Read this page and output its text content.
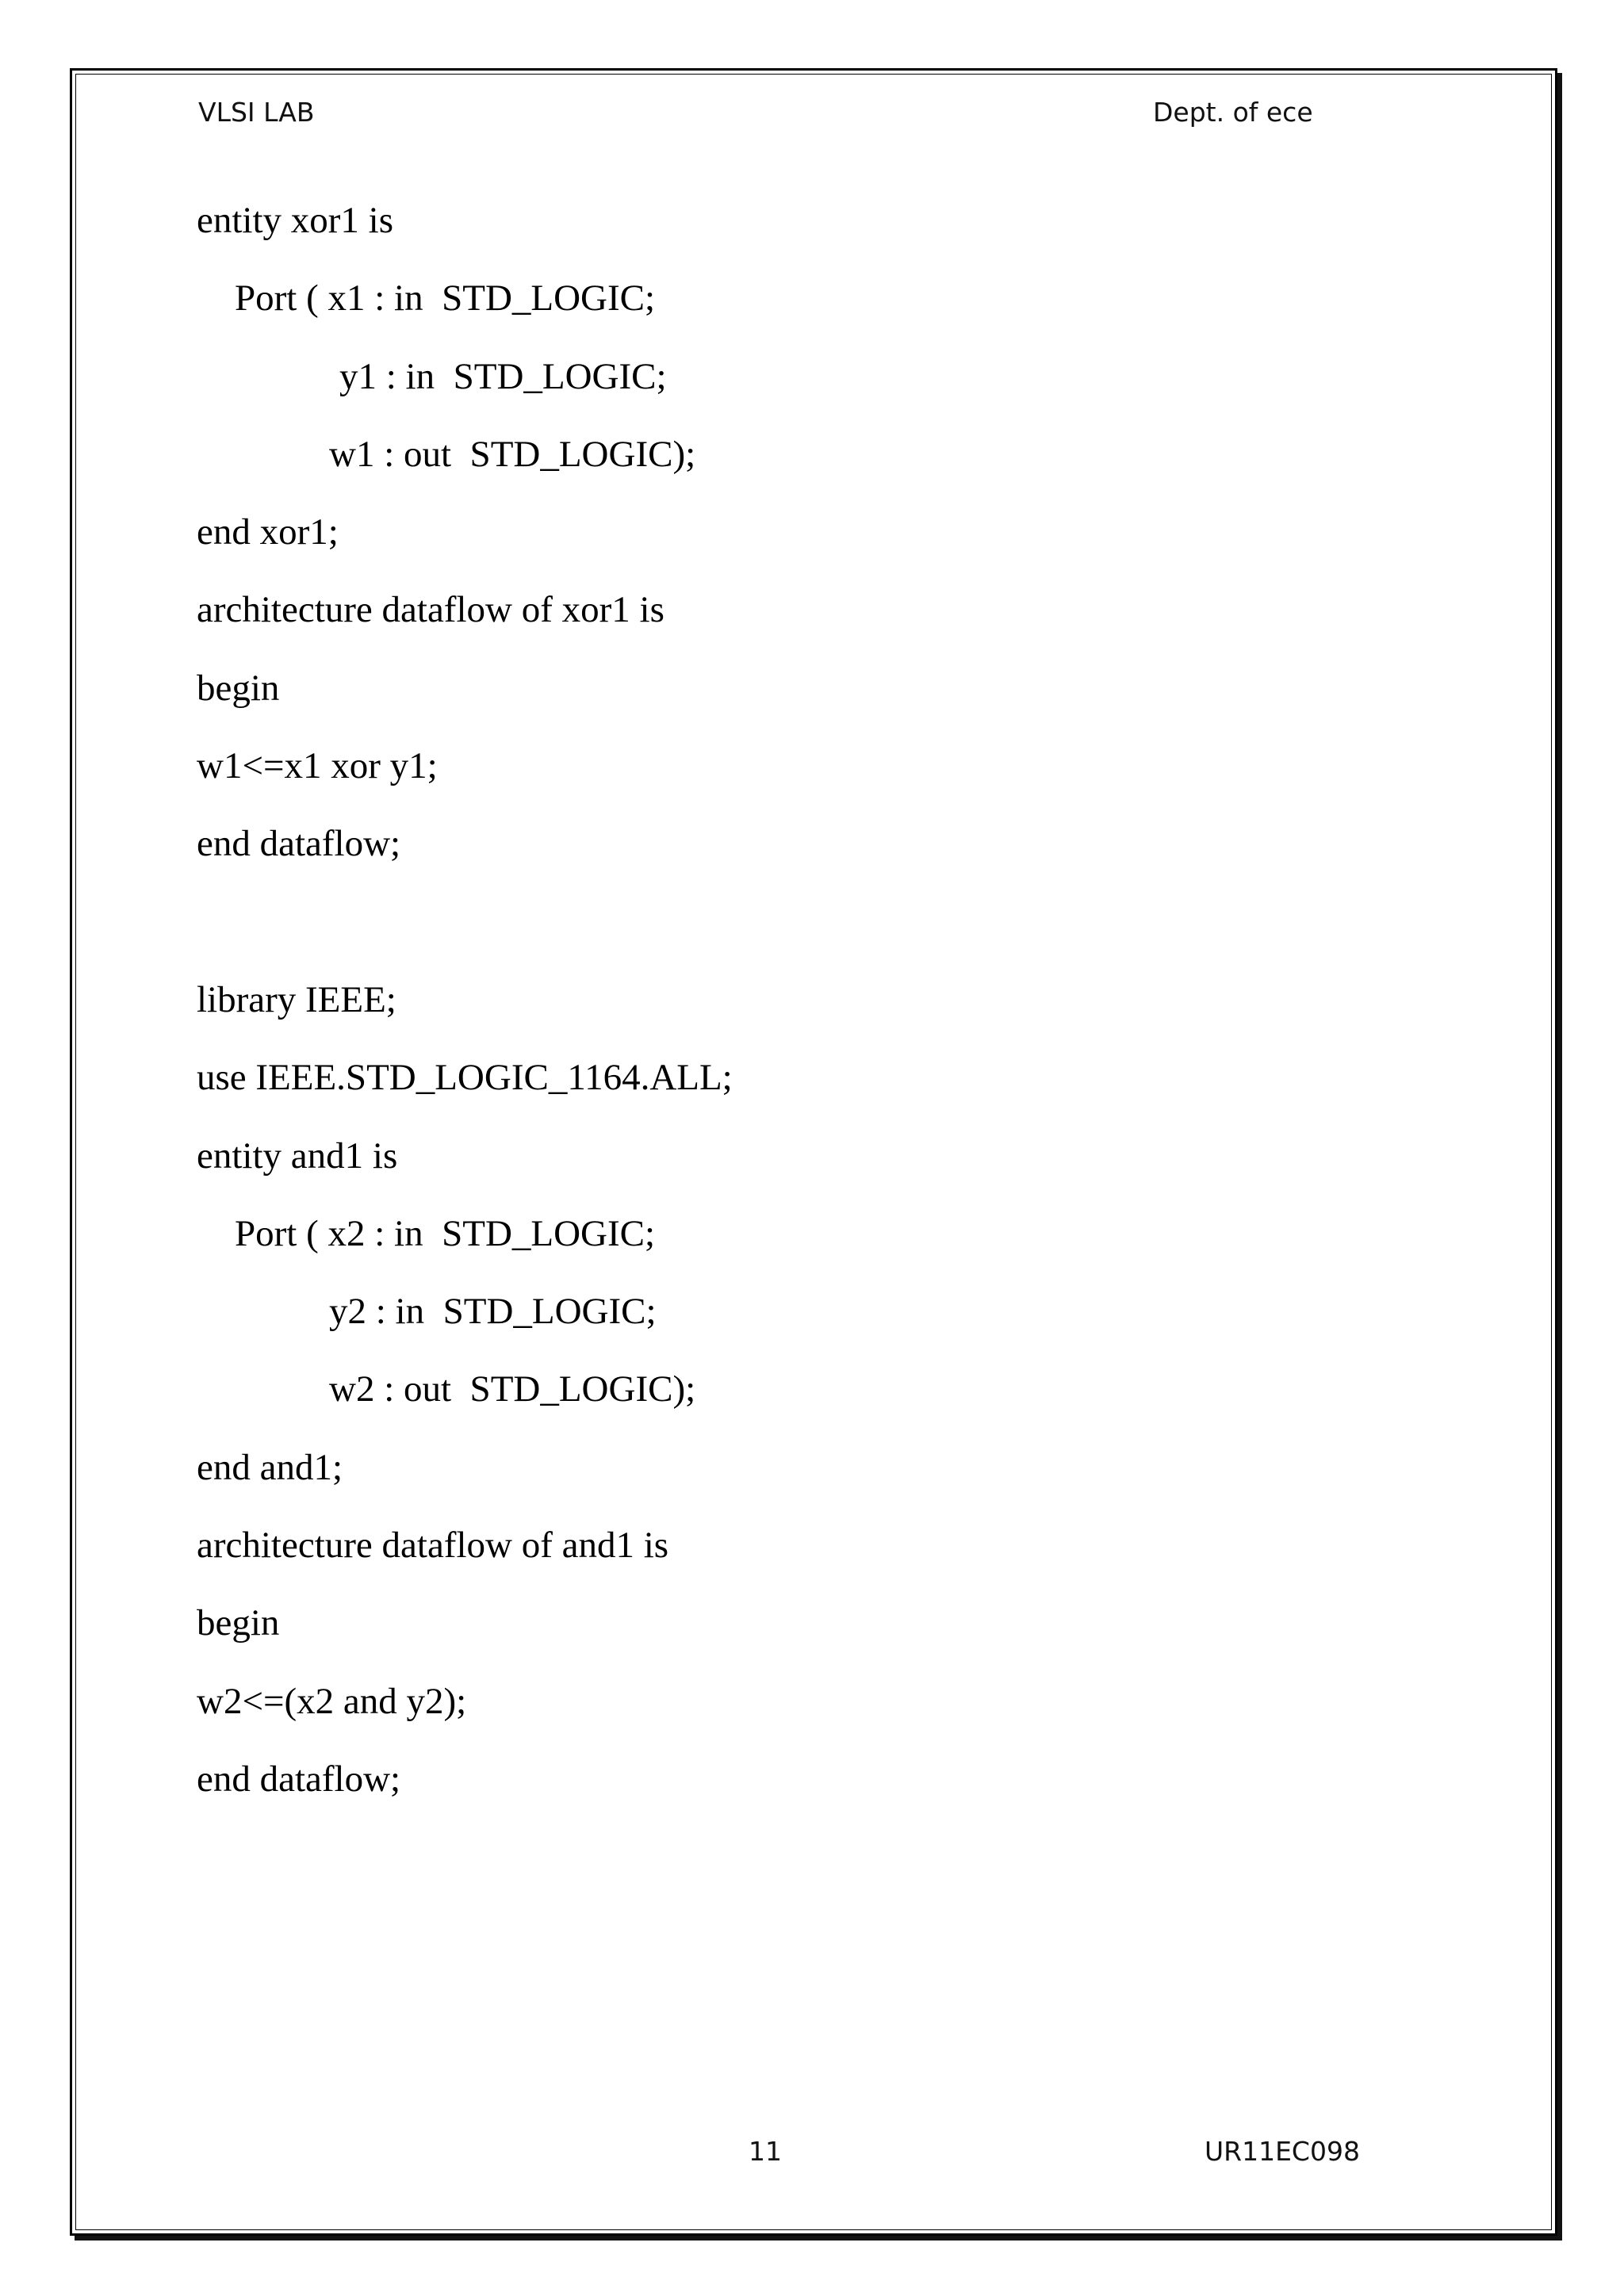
VLSI LAB	Dept. of ece
entity xor1 is
Port ( x1 : in  STD_LOGIC;
y1 : in  STD_LOGIC;
w1 : out  STD_LOGIC);
end xor1;
architecture dataflow of xor1 is
begin
w1<=x1 xor y1;
end dataflow;
library IEEE;
use IEEE.STD_LOGIC_1164.ALL;
entity and1 is
Port ( x2 : in  STD_LOGIC;
y2 : in  STD_LOGIC;
w2 : out  STD_LOGIC);
end and1;
architecture dataflow of and1 is
begin
w2<=(x2 and y2);
end dataflow;
11	UR11EC098
